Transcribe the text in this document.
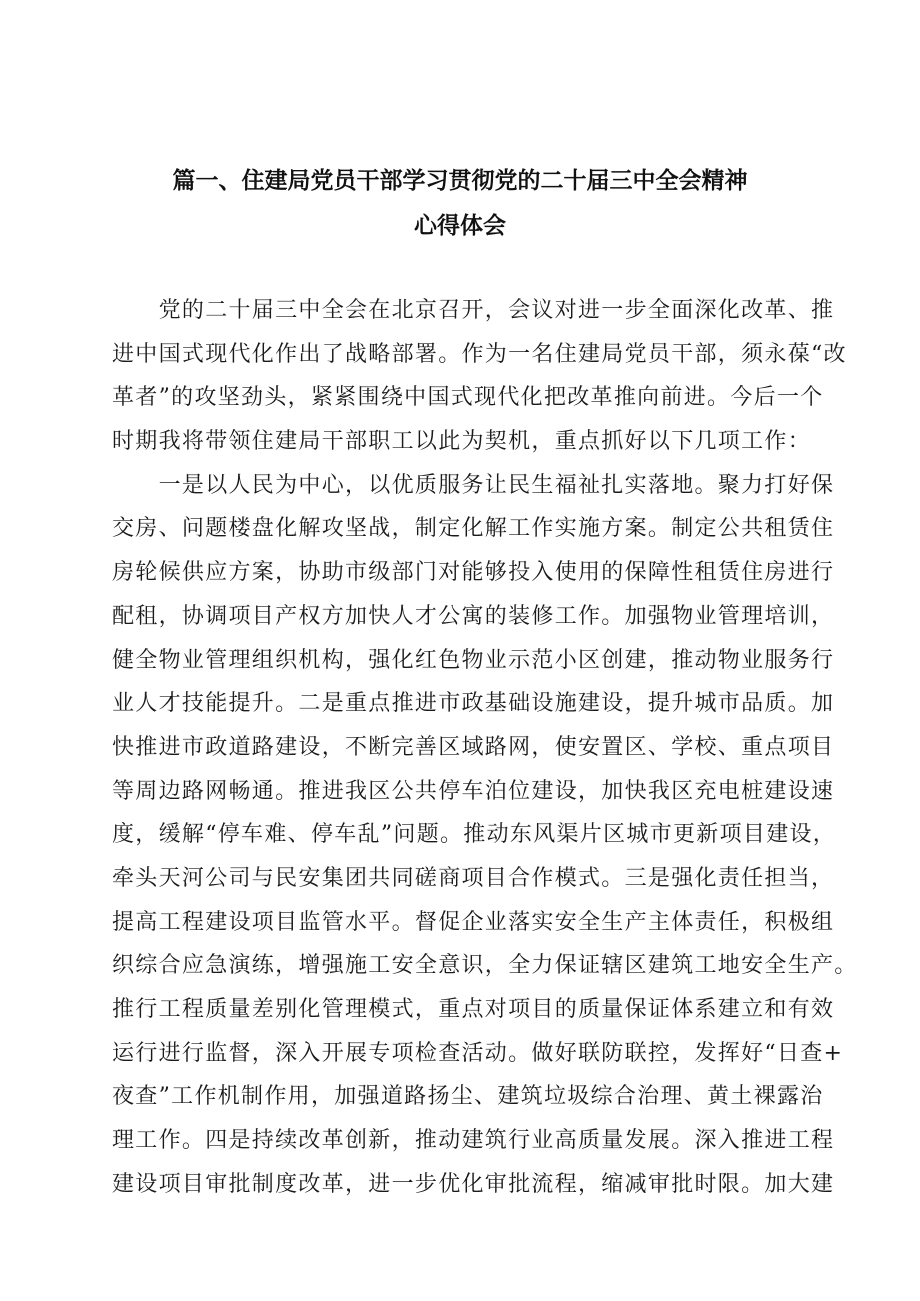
篇一、住建局党员干部学习贯彻党的二十届三中全会精神
心得体会
　　党的二十届三中全会在北京召开，会议对进一步全面深化改革、推
进中国式现代化作出了战略部署。作为一名住建局党员干部，须永葆“改
革者”的攻坚劲头，紧紧围绕中国式现代化把改革推向前进。今后一个
时期我将带领住建局干部职工以此为契机，重点抓好以下几项工作：
　　一是以人民为中心，以优质服务让民生福祉扎实落地。聚力打好保
交房、问题楼盘化解攻坚战，制定化解工作实施方案。制定公共租赁住
房轮候供应方案，协助市级部门对能够投入使用的保障性租赁住房进行
配租，协调项目产权方加快人才公寓的装修工作。加强物业管理培训，
健全物业管理组织机构，强化红色物业示范小区创建，推动物业服务行
业人才技能提升。二是重点推进市政基础设施建设，提升城市品质。加
快推进市政道路建设，不断完善区域路网，使安置区、学校、重点项目
等周边路网畅通。推进我区公共停车泊位建设，加快我区充电桩建设速
度，缓解“停车难、停车乱”问题。推动东风渠片区城市更新项目建设，
牵头天河公司与民安集团共同磋商项目合作模式。三是强化责任担当，
提高工程建设项目监管水平。督促企业落实安全生产主体责任，积极组
织综合应急演练，增强施工安全意识，全力保证辖区建筑工地安全生产。
推行工程质量差别化管理模式，重点对项目的质量保证体系建立和有效
运行进行监督，深入开展专项检查活动。做好联防联控，发挥好“日查+
夜查”工作机制作用，加强道路扬尘、建筑垃圾综合治理、黄土裸露治
理工作。四是持续改革创新，推动建筑行业高质量发展。深入推进工程
建设项目审批制度改革，进一步优化审批流程，缩减审批时限。加大建
